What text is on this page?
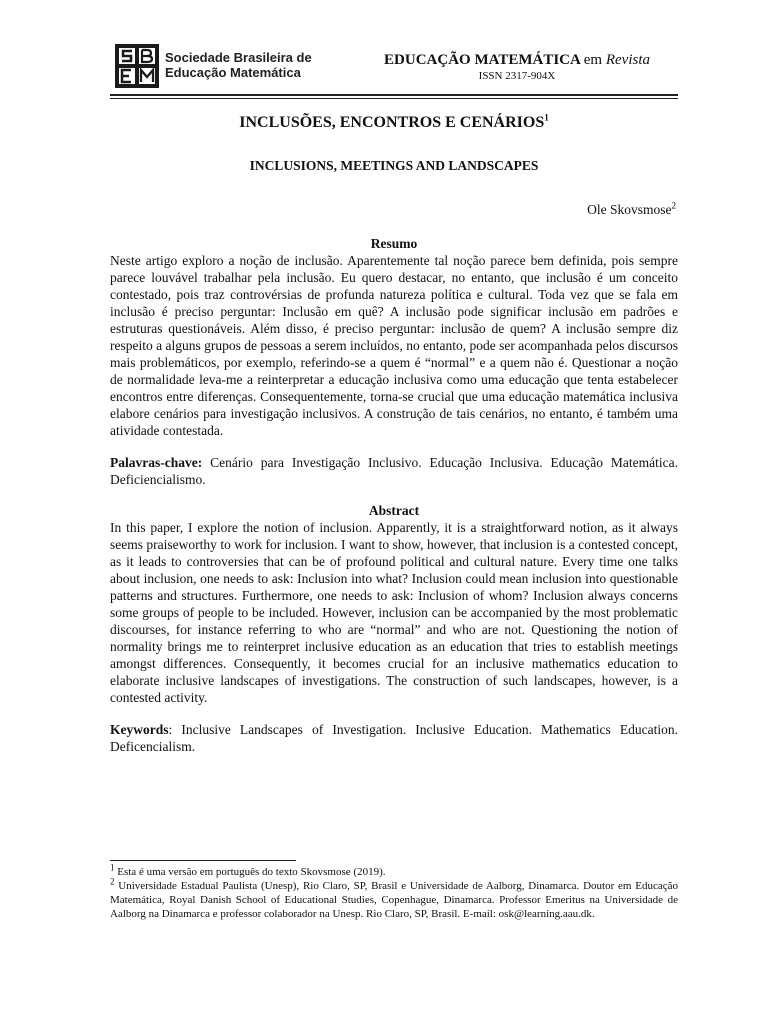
Sociedade Brasileira de
Educação Matemática
EDUCAÇÃO MATEMÁTICA em Revista
ISSN 2317-904X
INCLUSÕES, ENCONTROS E CENÁRIOS$^1$
INCLUSIONS, MEETINGS AND LANDSCAPES
Ole Skovsmose$^2$
Resumo

Neste artigo exploro a noção de inclusão. Aparentemente tal noção parece bem definida, pois sempre parece louvável trabalhar pela inclusão. Eu quero destacar, no entanto, que inclusão é um conceito contestado, pois traz controvérsias de profunda natureza política e cultural. Toda vez que se fala em inclusão é preciso perguntar: Inclusão em quê? A inclusão pode significar inclusão em padrões e estruturas questionáveis. Além disso, é preciso perguntar: inclusão de quem? A inclusão sempre diz respeito a alguns grupos de pessoas a serem incluídos, no entanto, pode ser acompanhada pelos discursos mais problemáticos, por exemplo, referindo-se a quem é “normal” e a quem não é. Questionar a noção de normalidade leva-me a reinterpretar a educação inclusiva como uma educação que tenta estabelecer encontros entre diferenças. Consequentemente, torna-se crucial que uma educação matemática inclusiva elabore cenários para investigação inclusivos. A construção de tais cenários, no entanto, é também uma atividade contestada.

Palavras-chave: Cenário para Investigação Inclusivo. Educação Inclusiva. Educação Matemática. Deficiencialismo.

Abstract

In this paper, I explore the notion of inclusion. Apparently, it is a straightforward notion, as it always seems praiseworthy to work for inclusion. I want to show, however, that inclusion is a contested concept, as it leads to controversies that can be of profound political and cultural nature. Every time one talks about inclusion, one needs to ask: Inclusion into what? Inclusion could mean inclusion into questionable patterns and structures. Furthermore, one needs to ask: Inclusion of whom? Inclusion always concerns some groups of people to be included. However, inclusion can be accompanied by the most problematic discourses, for instance referring to who are “normal” and who are not. Questioning the notion of normality brings me to reinterpret inclusive education as an education that tries to establish meetings amongst differences. Consequently, it becomes crucial for an inclusive mathematics education to elaborate inclusive landscapes of investigations. The construction of such landscapes, however, is a contested activity.

Keywords: Inclusive Landscapes of Investigation. Inclusive Education. Mathematics Education. Deficencialism.

$^1$ Esta é uma versão em português do texto Skovsmose (2019).
$^2$ Universidade Estadual Paulista (Unesp), Rio Claro, SP, Brasil e Universidade de Aalborg, Dinamarca. Doutor em Educação Matemática, Royal Danish School of Educational Studies, Copenhague, Dinamarca. Professor Emeritus na Universidade de Aalborg na Dinamarca e professor colaborador na Unesp. Rio Claro, SP, Brasil. E-mail: osk@learning.aau.dk.
